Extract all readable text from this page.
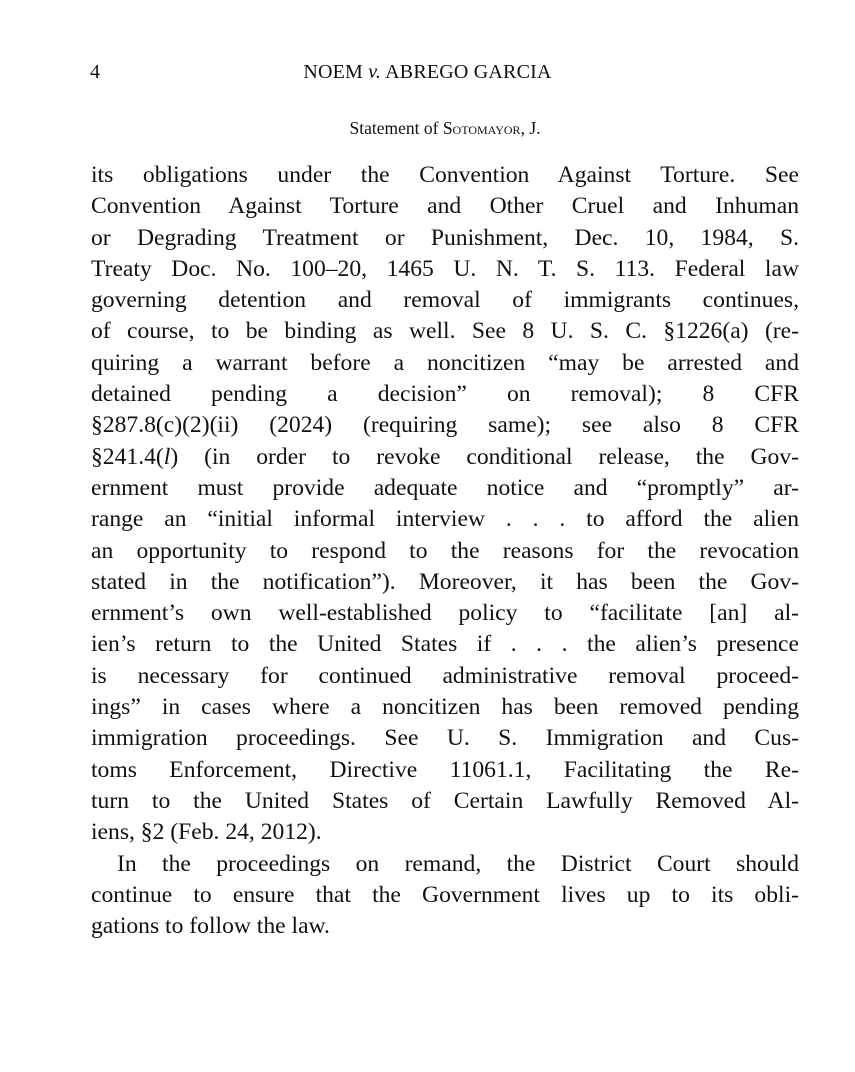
4	NOEM v. ABREGO GARCIA
Statement of Sotomayor, J.
its obligations under the Convention Against Torture. See
Convention Against Torture and Other Cruel and Inhuman
or Degrading Treatment or Punishment, Dec. 10, 1984, S.
Treaty Doc. No. 100–20, 1465 U. N. T. S. 113. Federal law
governing detention and removal of immigrants continues,
of course, to be binding as well. See 8 U. S. C. §1226(a) (re-
quiring a warrant before a noncitizen “may be arrested and
detained pending a decision” on removal); 8 CFR
§287.8(c)(2)(ii) (2024) (requiring same); see also 8 CFR
§241.4(l) (in order to revoke conditional release, the Gov-
ernment must provide adequate notice and “promptly” ar-
range an “initial informal interview . . . to afford the alien
an opportunity to respond to the reasons for the revocation
stated in the notification”). Moreover, it has been the Gov-
ernment’s own well-established policy to “facilitate [an] al-
ien’s return to the United States if . . . the alien’s presence
is necessary for continued administrative removal proceed-
ings” in cases where a noncitizen has been removed pending
immigration proceedings. See U. S. Immigration and Cus-
toms Enforcement, Directive 11061.1, Facilitating the Re-
turn to the United States of Certain Lawfully Removed Al-
iens, §2 (Feb. 24, 2012).
In the proceedings on remand, the District Court should
continue to ensure that the Government lives up to its obli-
gations to follow the law.
